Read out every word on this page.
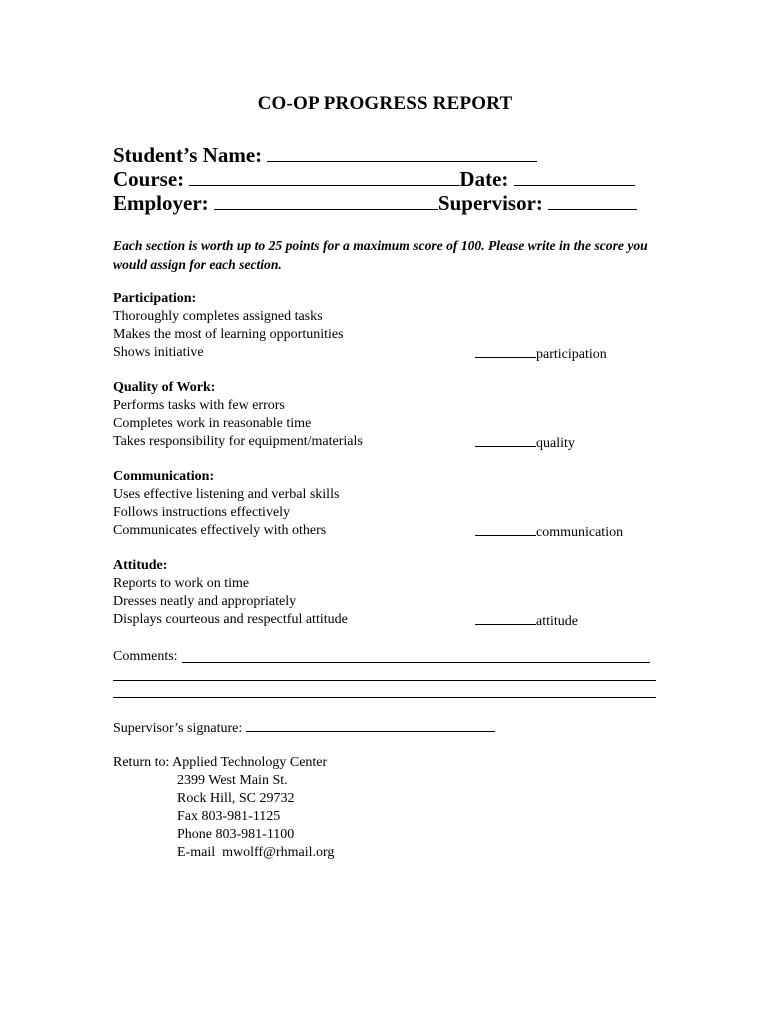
CO-OP PROGRESS REPORT
Student’s Name:
Course:	Date:
Employer:	Supervisor:
Each section is worth up to 25 points for a maximum score of 100. Please write in the score you would assign for each section.
Participation:
Thoroughly completes assigned tasks
Makes the most of learning opportunities
Shows initiative	participation
Quality of Work:
Performs tasks with few errors
Completes work in reasonable time
Takes responsibility for equipment/materials	quality
Communication:
Uses effective listening and verbal skills
Follows instructions effectively
Communicates effectively with others	communication
Attitude:
Reports to work on time
Dresses neatly and appropriately
Displays courteous and respectful attitude	attitude
Comments:
Supervisor’s signature:
Return to: Applied Technology Center
2399 West Main St.
Rock Hill, SC 29732
Fax 803-981-1125
Phone 803-981-1100
E-mail  mwolff@rhmail.org
